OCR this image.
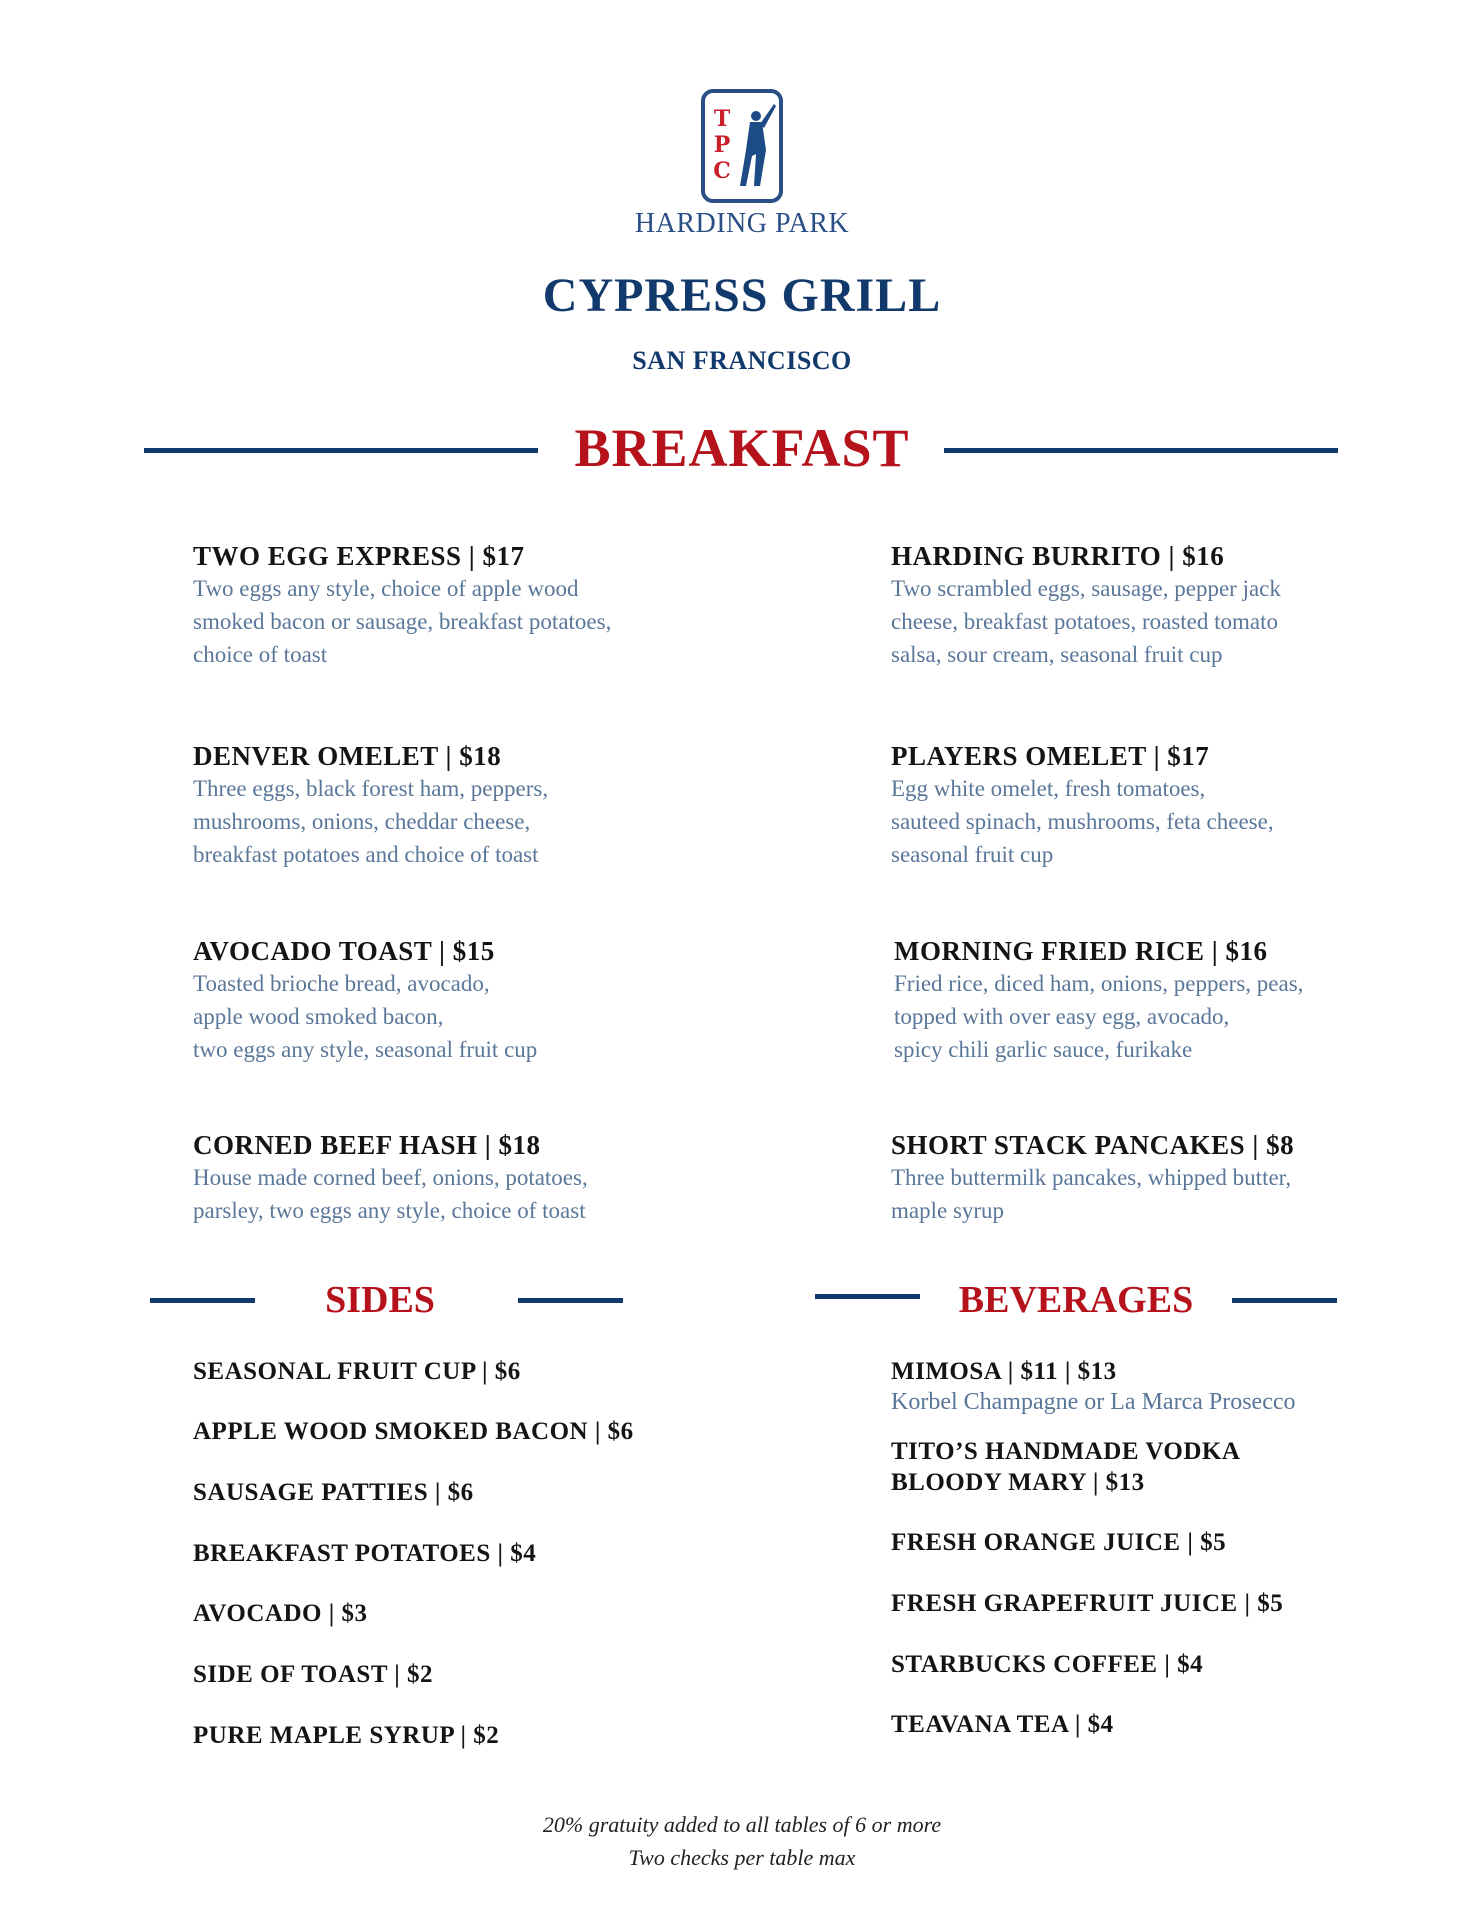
T
P
C
HARDING PARK
CYPRESS GRILL
SAN FRANCISCO
BREAKFAST
TWO EGG EXPRESS | $17
Two eggs any style, choice of apple wood
smoked bacon or sausage, breakfast potatoes,
choice of toast
DENVER OMELET | $18
Three eggs, black forest ham, peppers,
mushrooms, onions, cheddar cheese,
breakfast potatoes and choice of toast
AVOCADO TOAST | $15
Toasted brioche bread, avocado,
apple wood smoked bacon,
two eggs any style, seasonal fruit cup
CORNED BEEF HASH | $18
House made corned beef, onions, potatoes,
parsley, two eggs any style, choice of toast
HARDING BURRITO | $16
Two scrambled eggs, sausage, pepper jack
cheese, breakfast potatoes, roasted tomato
salsa, sour cream, seasonal fruit cup
PLAYERS OMELET | $17
Egg white omelet, fresh tomatoes,
sauteed spinach, mushrooms, feta cheese,
seasonal fruit cup
MORNING FRIED RICE | $16
Fried rice, diced ham, onions, peppers, peas,
topped with over easy egg, avocado,
spicy chili garlic sauce, furikake
SHORT STACK PANCAKES | $8
Three buttermilk pancakes, whipped butter,
maple syrup
SIDES	BEVERAGES
SEASONAL FRUIT CUP | $6
APPLE WOOD SMOKED BACON | $6
SAUSAGE PATTIES | $6
BREAKFAST POTATOES | $4
AVOCADO | $3
SIDE OF TOAST | $2
PURE MAPLE SYRUP | $2
MIMOSA | $11 | $13
Korbel Champagne or La Marca Prosecco
TITO’S HANDMADE VODKA
BLOODY MARY | $13
FRESH ORANGE JUICE | $5
FRESH GRAPEFRUIT JUICE | $5
STARBUCKS COFFEE | $4
TEAVANA TEA | $4
20% gratuity added to all tables of 6 or more
Two checks per table max
